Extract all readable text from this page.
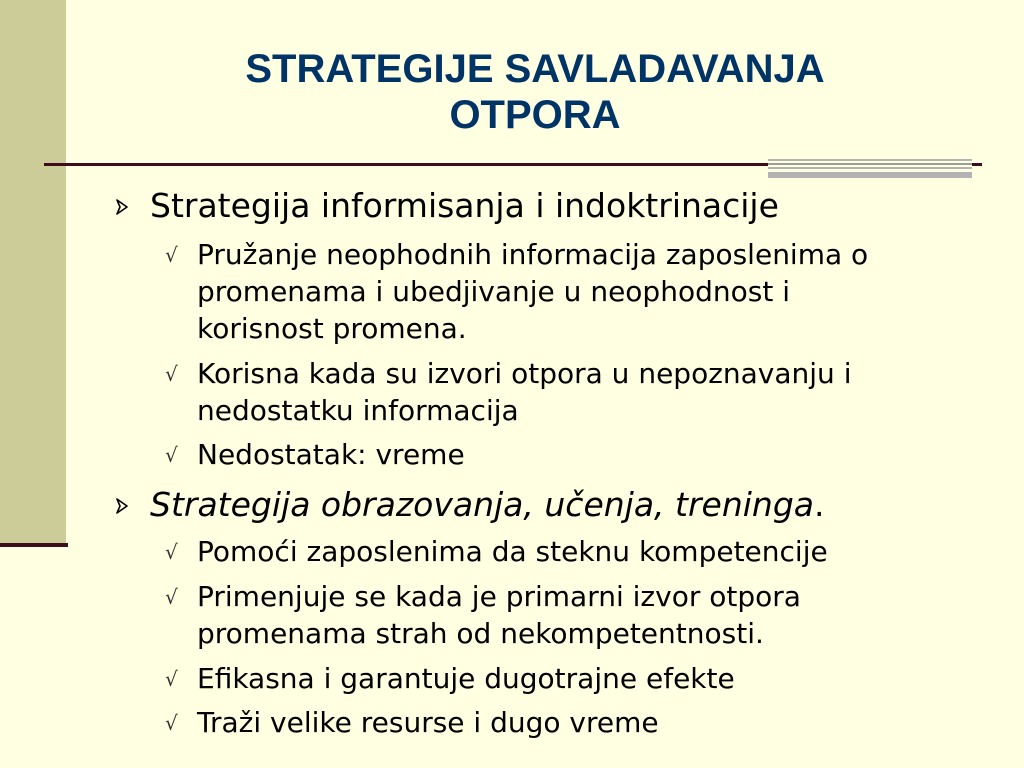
STRATEGIJE SAVLADAVANJA
OTPORA
Strategija informisanja i indoktrinacije
√ Pružanje neophodnih informacija zaposlenima o
promenama i ubedjivanje u neophodnost i
korisnost promena.
√ Korisna kada su izvori otpora u nepoznavanju i
nedostatku informacija
√ Nedostatak: vreme
Strategija obrazovanja, učenja, treninga.
√ Pomoći zaposlenima da steknu kompetencije
√ Primenjuje se kada je primarni izvor otpora
promenama strah od nekompetentnosti.
√ Efikasna i garantuje dugotrajne efekte
√ Traži velike resurse i dugo vreme
